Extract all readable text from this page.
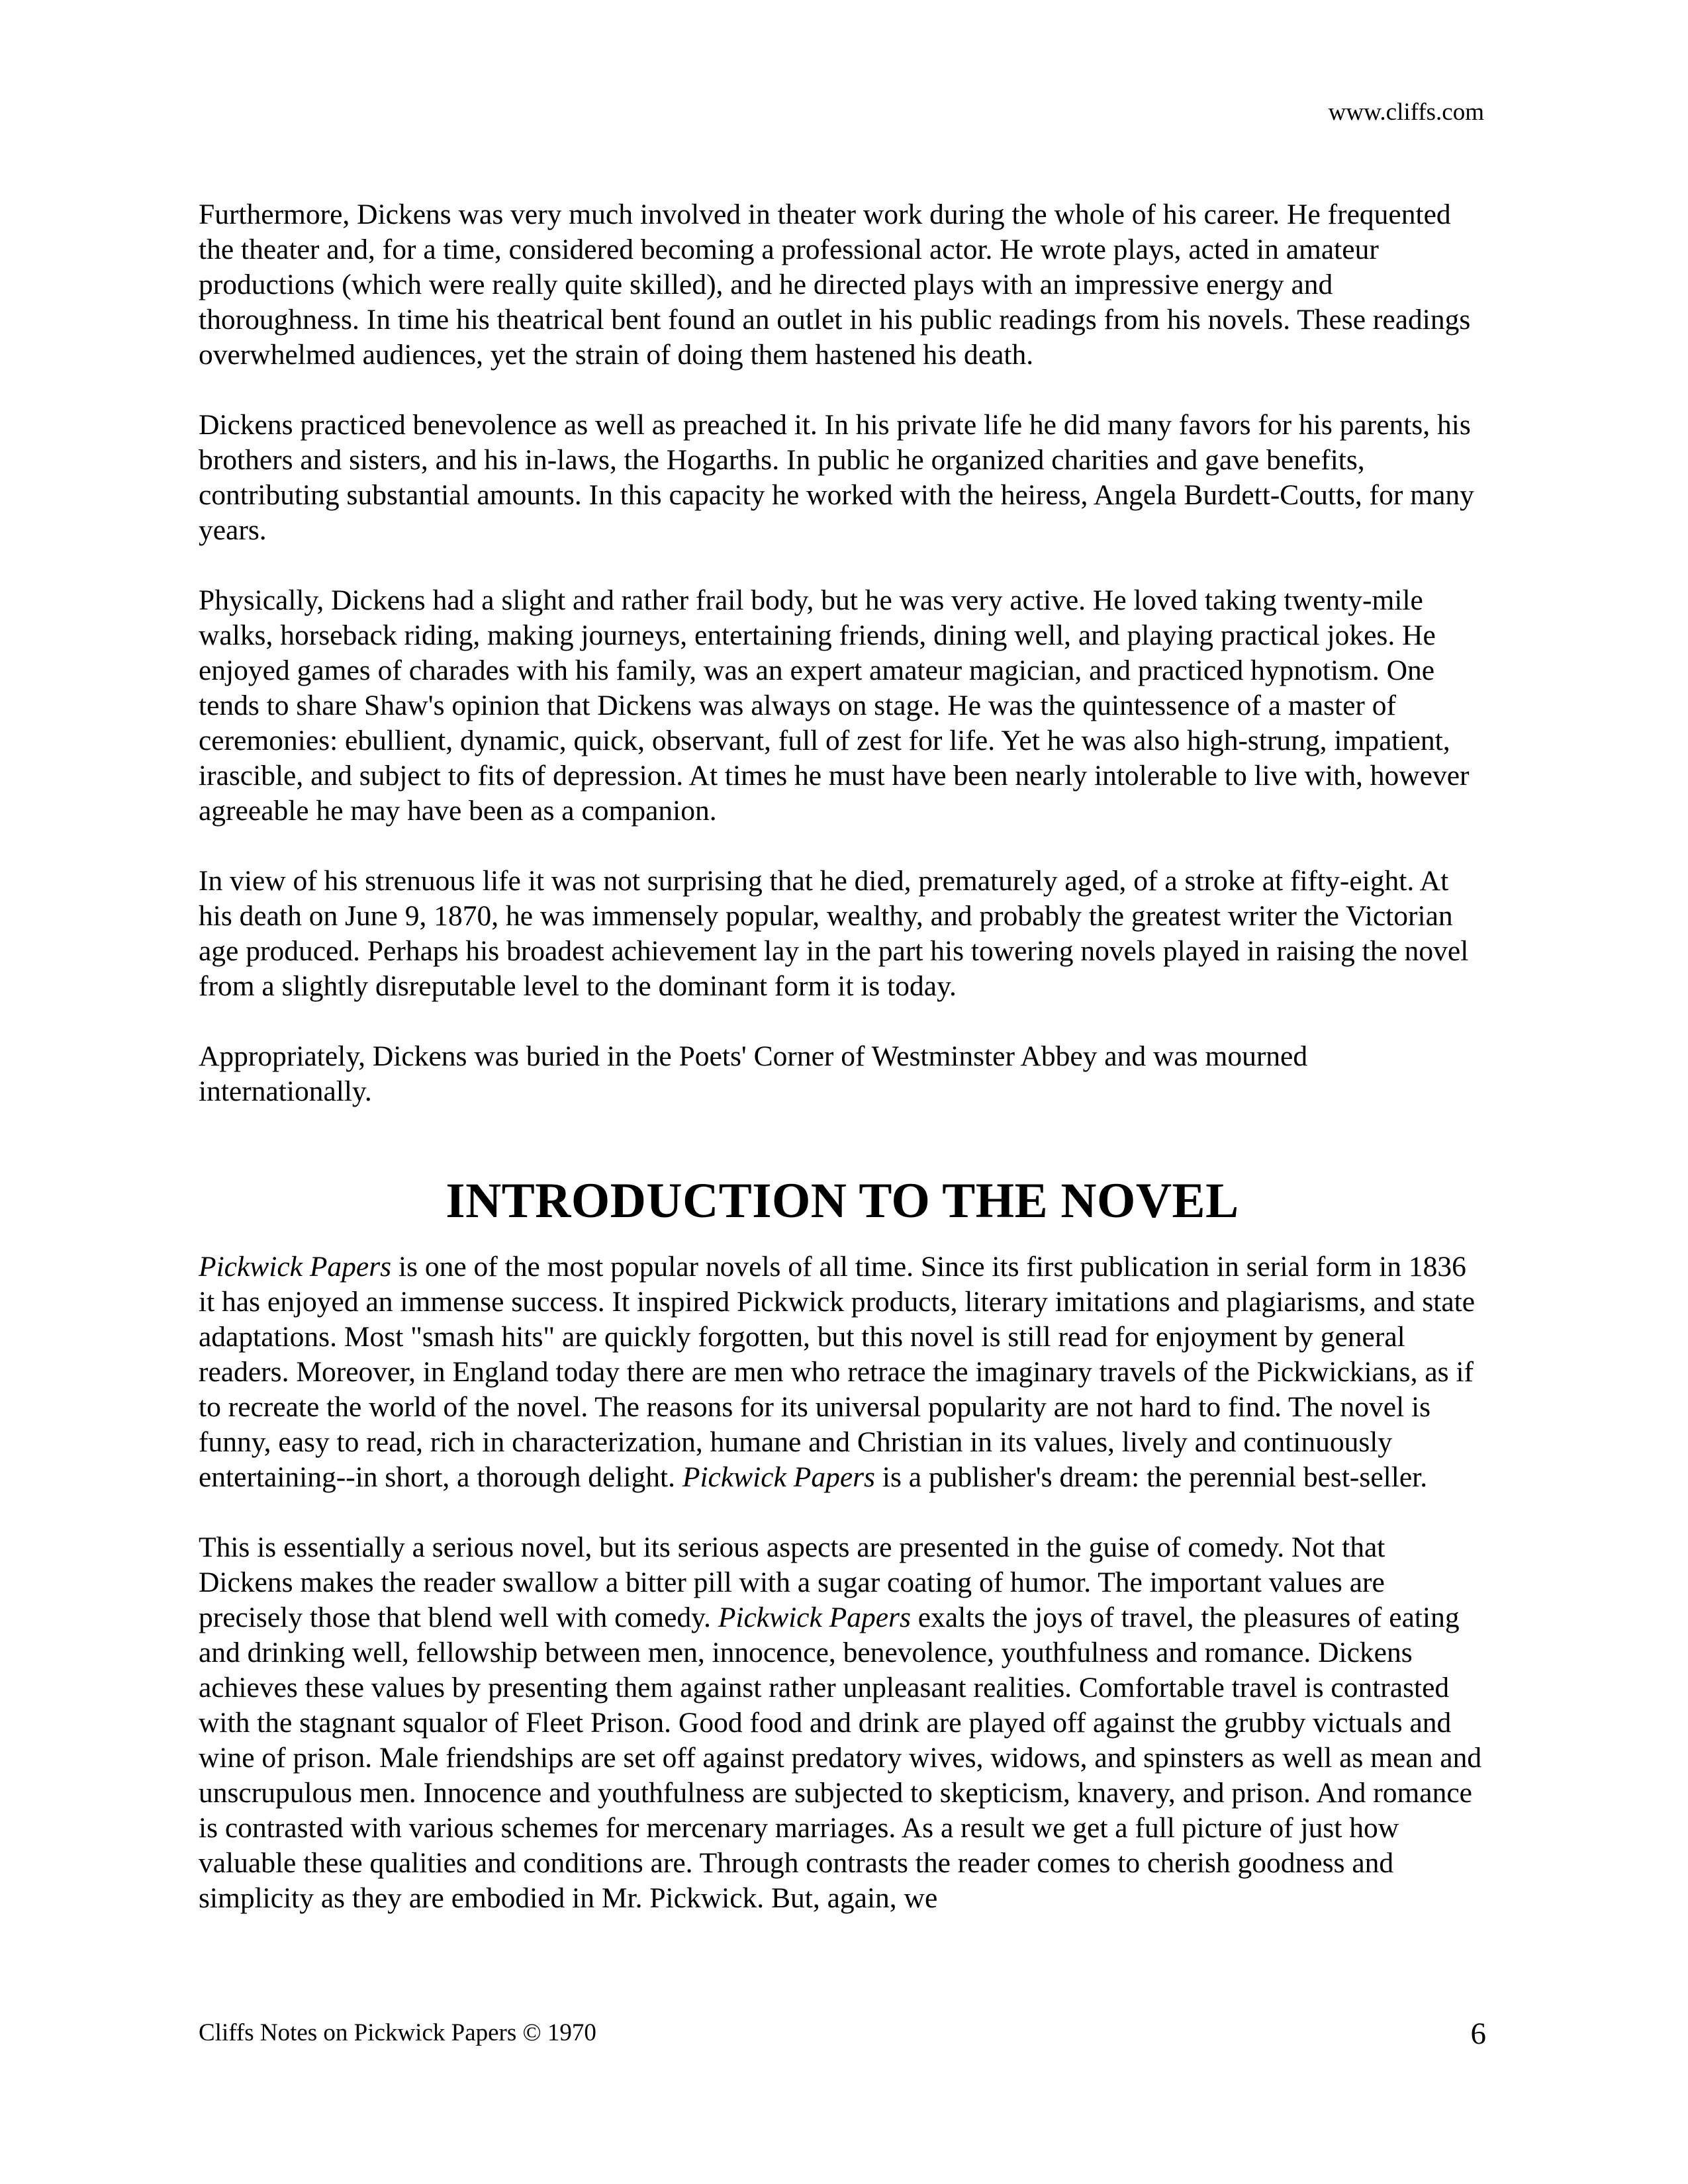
www.cliffs.com

Furthermore, Dickens was very much involved in theater work during the whole of his career. He frequented the theater and, for a time, considered becoming a professional actor. He wrote plays, acted in amateur productions (which were really quite skilled), and he directed plays with an impressive energy and thoroughness. In time his theatrical bent found an outlet in his public readings from his novels. These readings overwhelmed audiences, yet the strain of doing them hastened his death.

Dickens practiced benevolence as well as preached it. In his private life he did many favors for his parents, his brothers and sisters, and his in-laws, the Hogarths. In public he organized charities and gave benefits, contributing substantial amounts. In this capacity he worked with the heiress, Angela Burdett-Coutts, for many years.

Physically, Dickens had a slight and rather frail body, but he was very active. He loved taking twenty-mile walks, horseback riding, making journeys, entertaining friends, dining well, and playing practical jokes. He enjoyed games of charades with his family, was an expert amateur magician, and practiced hypnotism. One tends to share Shaw's opinion that Dickens was always on stage. He was the quintessence of a master of ceremonies: ebullient, dynamic, quick, observant, full of zest for life. Yet he was also high-strung, impatient, irascible, and subject to fits of depression. At times he must have been nearly intolerable to live with, however agreeable he may have been as a companion.

In view of his strenuous life it was not surprising that he died, prematurely aged, of a stroke at fifty-eight. At his death on June 9, 1870, he was immensely popular, wealthy, and probably the greatest writer the Victorian age produced. Perhaps his broadest achievement lay in the part his towering novels played in raising the novel from a slightly disreputable level to the dominant form it is today.

Appropriately, Dickens was buried in the Poets' Corner of Westminster Abbey and was mourned internationally.

INTRODUCTION TO THE NOVEL

Pickwick Papers is one of the most popular novels of all time. Since its first publication in serial form in 1836 it has enjoyed an immense success. It inspired Pickwick products, literary imitations and plagiarisms, and state adaptations. Most "smash hits" are quickly forgotten, but this novel is still read for enjoyment by general readers. Moreover, in England today there are men who retrace the imaginary travels of the Pickwickians, as if to recreate the world of the novel. The reasons for its universal popularity are not hard to find. The novel is funny, easy to read, rich in characterization, humane and Christian in its values, lively and continuously entertaining--in short, a thorough delight. Pickwick Papers is a publisher's dream: the perennial best-seller.

This is essentially a serious novel, but its serious aspects are presented in the guise of comedy. Not that Dickens makes the reader swallow a bitter pill with a sugar coating of humor. The important values are precisely those that blend well with comedy. Pickwick Papers exalts the joys of travel, the pleasures of eating and drinking well, fellowship between men, innocence, benevolence, youthfulness and romance. Dickens achieves these values by presenting them against rather unpleasant realities. Comfortable travel is contrasted with the stagnant squalor of Fleet Prison. Good food and drink are played off against the grubby victuals and wine of prison. Male friendships are set off against predatory wives, widows, and spinsters as well as mean and unscrupulous men. Innocence and youthfulness are subjected to skepticism, knavery, and prison. And romance is contrasted with various schemes for mercenary marriages. As a result we get a full picture of just how valuable these qualities and conditions are. Through contrasts the reader comes to cherish goodness and simplicity as they are embodied in Mr. Pickwick. But, again, we

Cliffs Notes on Pickwick Papers © 1970	6
